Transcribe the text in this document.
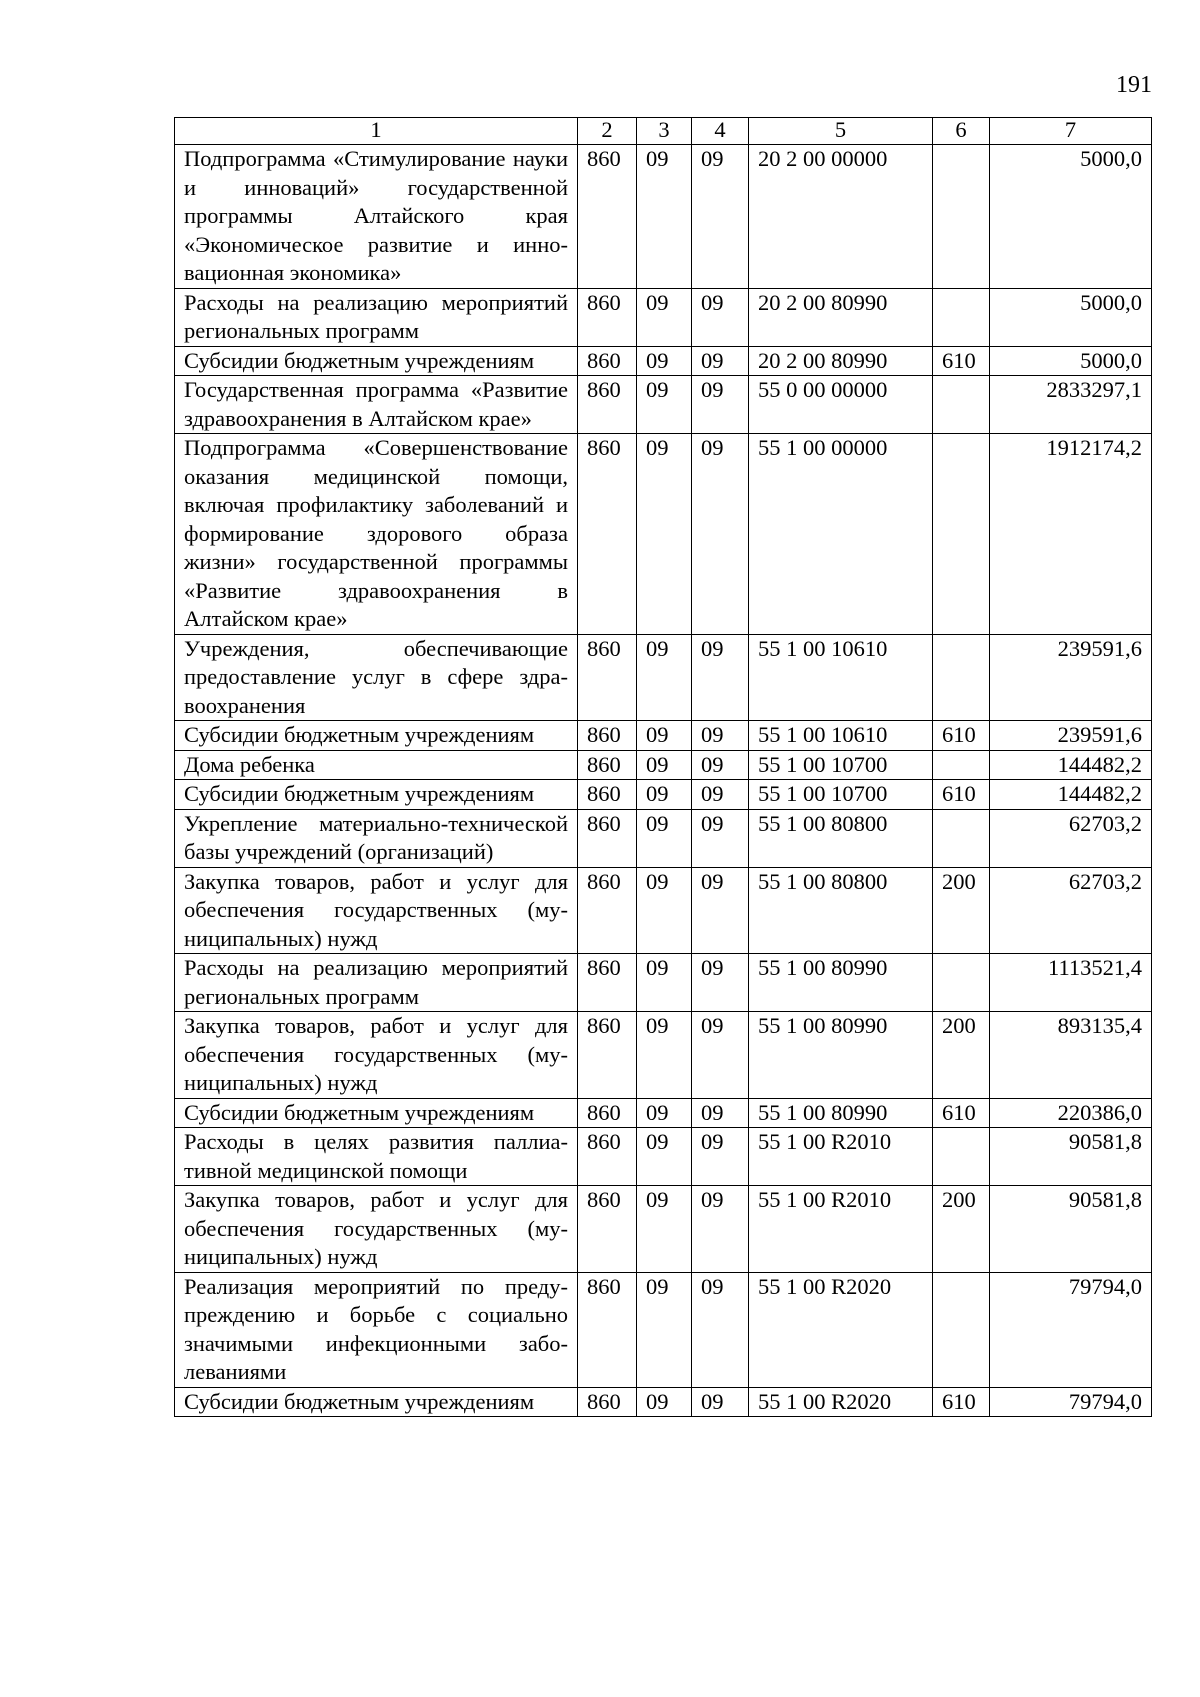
191
1	2	3	4	5	6	7
Подпрограмма «Стимулирование науки и инноваций» государственной программы Алтайского края «Экономическое развитие и инновационная экономика»	860	09	09	20 2 00 00000		5000,0
Расходы на реализацию мероприятий региональных программ	860	09	09	20 2 00 80990		5000,0
Субсидии бюджетным учреждениям	860	09	09	20 2 00 80990	610	5000,0
Государственная программа «Развитие здравоохранения в Алтайском крае»	860	09	09	55 0 00 00000		2833297,1
Подпрограмма «Совершенствование оказания медицинской помощи, включая профилактику заболеваний и формирование здорового образа жизни» государственной программы «Развитие здравоохранения в Алтайском крае»	860	09	09	55 1 00 00000		1912174,2
Учреждения, обеспечивающие предоставление услуг в сфере здравоохранения	860	09	09	55 1 00 10610		239591,6
Субсидии бюджетным учреждениям	860	09	09	55 1 00 10610	610	239591,6
Дома ребенка	860	09	09	55 1 00 10700		144482,2
Субсидии бюджетным учреждениям	860	09	09	55 1 00 10700	610	144482,2
Укрепление материально-технической базы учреждений (организаций)	860	09	09	55 1 00 80800		62703,2
Закупка товаров, работ и услуг для обеспечения государственных (муниципальных) нужд	860	09	09	55 1 00 80800	200	62703,2
Расходы на реализацию мероприятий региональных программ	860	09	09	55 1 00 80990		1113521,4
Закупка товаров, работ и услуг для обеспечения государственных (муниципальных) нужд	860	09	09	55 1 00 80990	200	893135,4
Субсидии бюджетным учреждениям	860	09	09	55 1 00 80990	610	220386,0
Расходы в целях развития паллиативной медицинской помощи	860	09	09	55 1 00 R2010		90581,8
Закупка товаров, работ и услуг для обеспечения государственных (муниципальных) нужд	860	09	09	55 1 00 R2010	200	90581,8
Реализация мероприятий по предупреждению и борьбе с социально значимыми инфекционными заболеваниями	860	09	09	55 1 00 R2020		79794,0
Субсидии бюджетным учреждениям	860	09	09	55 1 00 R2020	610	79794,0
